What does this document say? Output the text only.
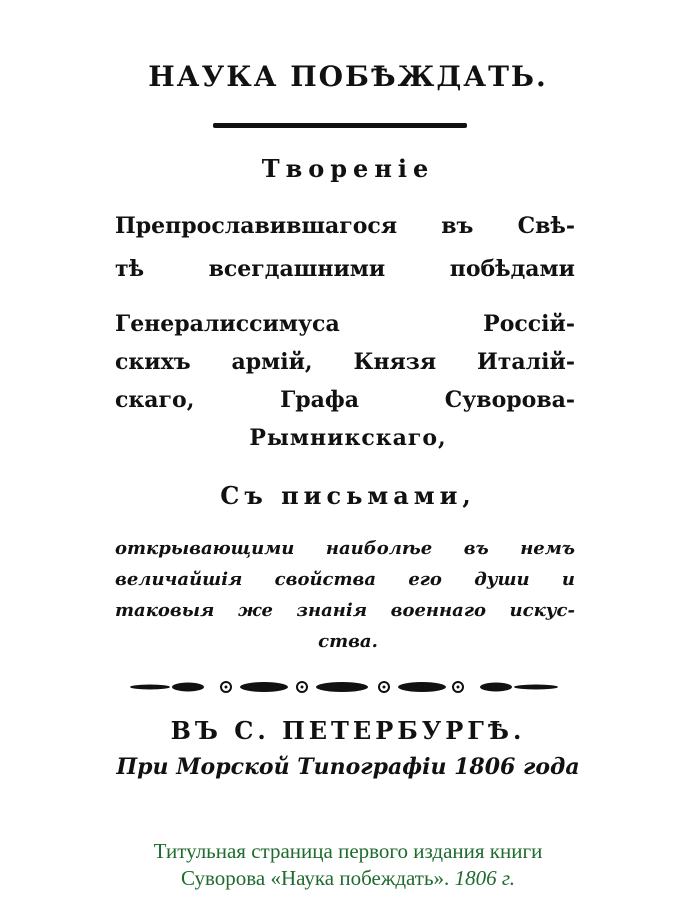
НАУКА ПОБѢЖДАТЬ.
Творенie
Препрославившагося въ Свѣ-
тѣ	всегдашними	побѣдами
Генералиссимуса	Россiй-
скихъ армiй, Князя Италiй-
скаго,	Графа	Суворова-
Рымникскаго,
Съ письмами,
открывающими наиболѣе въ немъ
величайшiя свойства его души и
таковыя же знанiя военнаго искус-
ства.
ВЪ С. ПЕТЕРБУРГѢ.
При Морской Типографiи 1806 года
Титульная страница первого издания книги
Суворова «Наука побеждать». 1806 г.
